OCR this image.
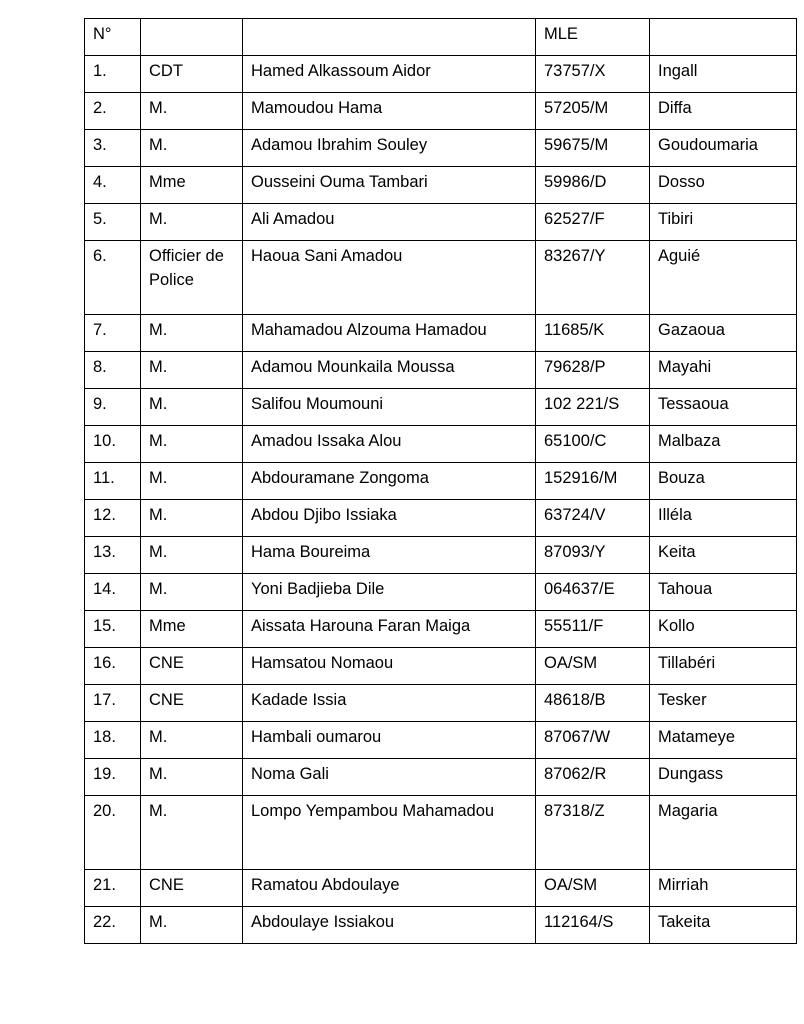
N°			MLE	
1.	CDT	Hamed Alkassoum Aidor	73757/X	Ingall
2.	M.	Mamoudou Hama	57205/M	Diffa
3.	M.	Adamou Ibrahim Souley	59675/M	Goudoumaria
4.	Mme	Ousseini Ouma Tambari	59986/D	Dosso
5.	M.	Ali Amadou	62527/F	Tibiri
6.	Officier de Police	Haoua Sani Amadou	83267/Y	Aguié
7.	M.	Mahamadou Alzouma Hamadou	11685/K	Gazaoua
8.	M.	Adamou Mounkaila Moussa	79628/P	Mayahi
9.	M.	Salifou Moumouni	102 221/S	Tessaoua
10.	M.	Amadou Issaka Alou	65100/C	Malbaza
11.	M.	Abdouramane Zongoma	152916/M	Bouza
12.	M.	Abdou Djibo Issiaka	63724/V	Illéla
13.	M.	Hama Boureima	87093/Y	Keita
14.	M.	Yoni Badjieba Dile	064637/E	Tahoua
15.	Mme	Aissata Harouna Faran Maiga	55511/F	Kollo
16.	CNE	Hamsatou Nomaou	OA/SM	Tillabéri
17.	CNE	Kadade Issia	48618/B	Tesker
18.	M.	Hambali oumarou	87067/W	Matameye
19.	M.	Noma Gali	87062/R	Dungass
20.	M.	Lompo Yempambou Mahamadou	87318/Z	Magaria
21.	CNE	Ramatou Abdoulaye	OA/SM	Mirriah
22.	M.	Abdoulaye Issiakou	112164/S	Takeita
